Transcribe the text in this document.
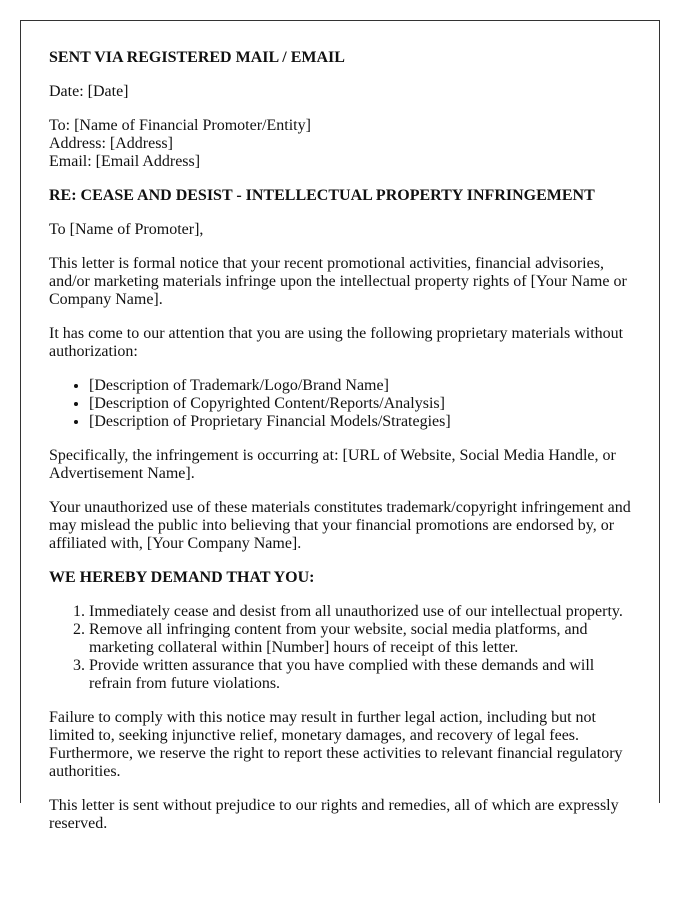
SENT VIA REGISTERED MAIL / EMAIL

Date: [Date]

To: [Name of Financial Promoter/Entity]
Address: [Address]
Email: [Email Address]

RE: CEASE AND DESIST - INTELLECTUAL PROPERTY INFRINGEMENT

To [Name of Promoter],

This letter is formal notice that your recent promotional activities, financial advisories, and/or marketing materials infringe upon the intellectual property rights of [Your Name or Company Name].

It has come to our attention that you are using the following proprietary materials without authorization:

• [Description of Trademark/Logo/Brand Name]
• [Description of Copyrighted Content/Reports/Analysis]
• [Description of Proprietary Financial Models/Strategies]

Specifically, the infringement is occurring at: [URL of Website, Social Media Handle, or Advertisement Name].

Your unauthorized use of these materials constitutes trademark/copyright infringement and may mislead the public into believing that your financial promotions are endorsed by, or affiliated with, [Your Company Name].

WE HEREBY DEMAND THAT YOU:

1. Immediately cease and desist from all unauthorized use of our intellectual property.
2. Remove all infringing content from your website, social media platforms, and marketing collateral within [Number] hours of receipt of this letter.
3. Provide written assurance that you have complied with these demands and will refrain from future violations.

Failure to comply with this notice may result in further legal action, including but not limited to, seeking injunctive relief, monetary damages, and recovery of legal fees. Furthermore, we reserve the right to report these activities to relevant financial regulatory authorities.

This letter is sent without prejudice to our rights and remedies, all of which are expressly reserved.
